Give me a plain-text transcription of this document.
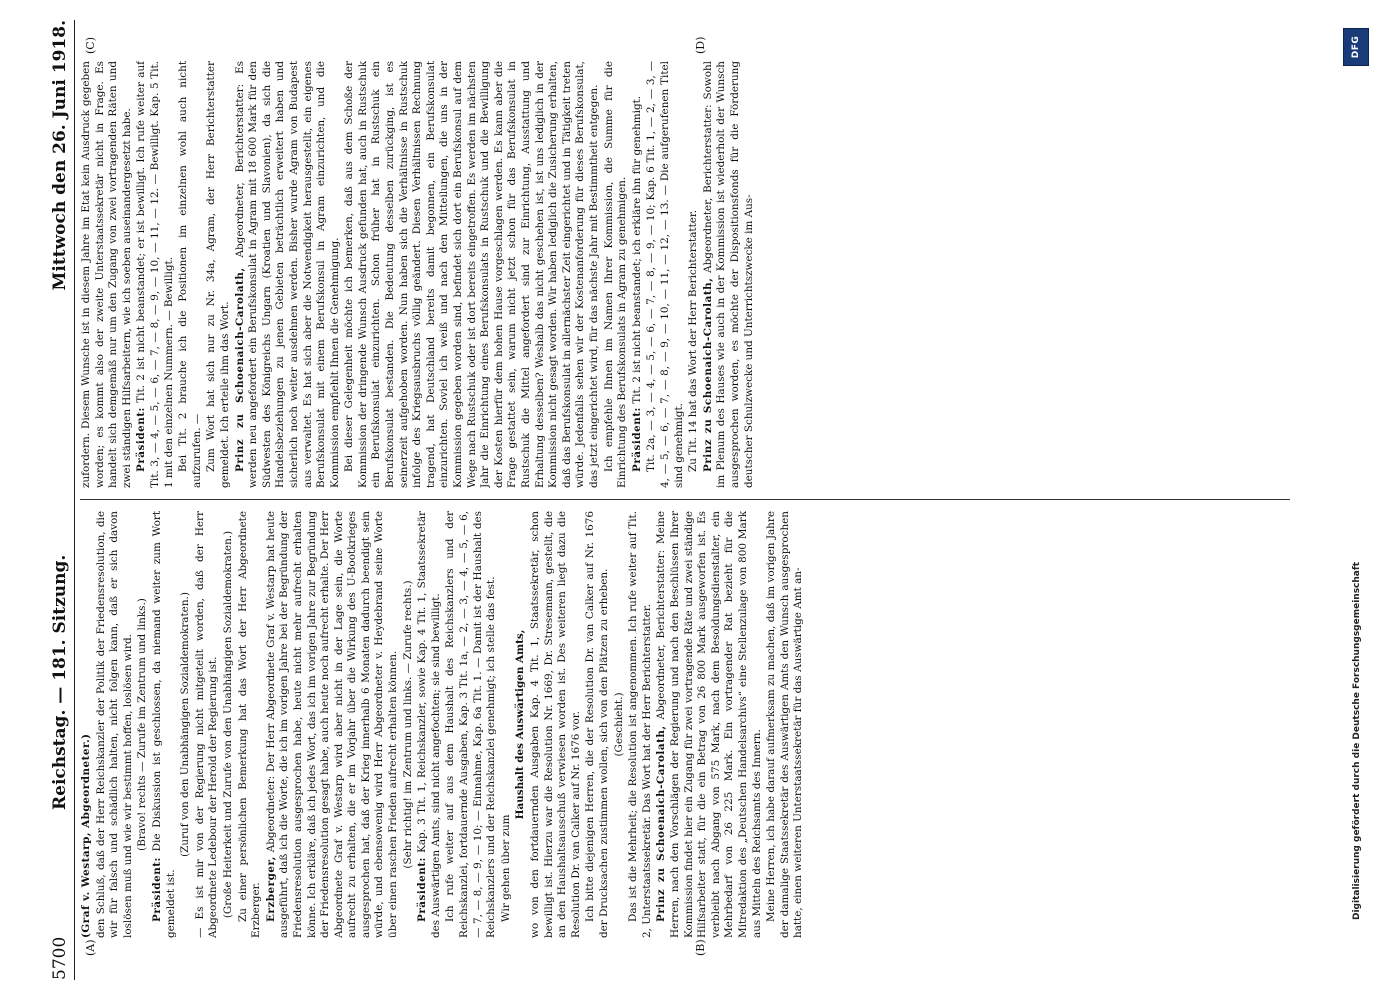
5700
Reichstag. — 181. Sitzung.
Mittwoch den 26. Juni 1918.
(A)	(B)
(C)	(D)

(Graf v. Westarp, Abgeordneter.) den Schluß, daß der Herr Reichskanzler der Politik der Friedensresolution, die wir für falsch und schädlich halten, nicht folgen kann, daß er sich davon loslösen muß und wie wir bestimmt hoffen, loslösen wird. (Bravo! rechts — Zurufe im Zentrum und links.)

Präsident: Die Diskussion ist geschlossen, da niemand weiter zum Wort gemeldet ist.

(Zuruf von den Unabhängigen Sozialdemokraten.) — Es ist mir von der Regierung nicht mitgeteilt worden, daß der Herr Abgeordnete Ledebour der Herold der Regierung ist. (Große Heiterkeit und Zurufe von den Unabhängigen Sozialdemokraten.) Zu einer persönlichen Bemerkung hat das Wort der Herr Abgeordnete Erzberger. Erzberger, Abgeordneter: Der Herr Abgeordnete Graf v. Westarp hat heute ausgeführt, daß ich die Worte, die ich im vorigen Jahre bei der Begründung der Friedensresolution ausgesprochen habe, heute nicht mehr aufrecht erhalten könne. Ich erkläre, daß ich jedes Wort, das ich im vorigen Jahre zur Begründung der Friedensresolution gesagt habe, auch heute noch aufrecht erhalte. Der Herr Abgeordnete Graf v. Westarp wird aber nicht in der Lage sein, die Worte aufrecht zu erhalten, die er im Vorjahr über die Wirkung des U-Bootkrieges ausgesprochen hat, daß der Krieg innerhalb 6 Monaten dadurch beendigt sein würde, und ebensowenig wird Herr Abgeordneter v. Heydebrand seine Worte über einen raschen Frieden aufrecht erhalten können. (Sehr richtig! im Zentrum und links. — Zurufe rechts.)

Präsident: Kap. 3 Tit. 1, Reichskanzler, sowie Kap. 4 Tit. 1, Staatssekretär des Auswärtigen Amts, sind nicht angefochten; sie sind bewilligt. Ich rufe weiter auf aus dem Haushalt des Reichskanzlers und der Reichskanzlei, fortdauernde Ausgaben, Kap. 3 Tit. 1a, — 2, — 3, — 4, — 5, — 6, — 7, — 8, — 9, — 10; — Einnahme, Kap. 6a Tit. 1. — Damit ist der Haushalt des Reichskanzlers und der Reichskanzlei genehmigt; ich stelle das fest. Wir gehen über zum

Haushalt des Auswärtigen Amts, wo von den fortdauernden Ausgaben Kap. 4 Tit. 1, Staatssekretär, schon bewilligt ist. Hierzu war die Resolution Nr. 1669, Dr. Stresemann, gestellt, die an den Haushaltsausschuß verwiesen worden ist. Des weiteren liegt dazu die Resolution Dr. van Calker auf Nr. 1676 vor. Ich bitte diejenigen Herren, die der Resolution Dr. van Calker auf Nr. 1676 der Drucksachen zustimmen wollen, sich von den Plätzen zu erheben. (Geschieht.) Das ist die Mehrheit; die Resolution ist angenommen. Ich rufe weiter auf Tit. 2, Unterstaatssekretär. Das Wort hat der Herr Berichterstatter. Prinz zu Schoenaich-Carolath, Abgeordneter, Berichterstatter: Meine Herren, nach den Vorschlägen der Regierung und nach den Beschlüssen Ihrer Kommission findet hier ein Zugang für zwei vortragende Räte und zwei ständige Hilfsarbeiter statt, für die ein Betrag von 26 800 Mark ausgeworfen ist. Es verbleibt nach Abgang von 575 Mark, nach dem Besoldungsdienstalter, ein Mehrbedarf von 26 225 Mark. Ein vortragender Rat bezieht für die Mitredaktion des „Deutschen Handelsarchivs“ eine Stellenzulage von 800 Mark aus Mitteln des Reichsamts des Innern. Meine Herren, ich habe darauf aufmerksam zu machen, daß im vorigen Jahre der damalige Staatssekretär des Auswärtigen Amts den Wunsch ausgesprochen hatte, einen weiteren Unterstaatssekretär für das Auswärtige Amt an-

zufordern. Diesem Wunsche ist in diesem Jahre im Etat kein Ausdruck gegeben worden; es kommt also der zweite Unterstaatssekretär nicht in Frage. Es handelt sich demgemäß nur um den Zugang von zwei vortragenden Räten und zwei ständigen Hilfsarbeitern, wie ich soeben auseinandergesetzt habe. Präsident: Tit. 2 ist nicht beanstandet; er ist bewilligt. Ich rufe weiter auf Tit. 3, — 4, — 5, — 6, — 7, — 8, — 9, — 10, — 11, — 12. — Bewilligt. Kap. 5 Tit. 1 mit den einzelnen Nummern. — Bewilligt. Bei Tit. 2 brauche ich die Positionen im einzelnen wohl auch nicht aufzurufen. — Zum Wort hat sich nur zu Nr. 34a, Agram, der Herr Berichterstatter gemeldet. Ich erteile ihm das Wort. Prinz zu Schoenaich-Carolath, Abgeordneter, Berichterstatter: Es werden neu angefordert ein Berufskonsulat in Agram mit 18 600 Mark für den Südwesten des Königreichs Ungarn (Kroatien und Slavonien), da sich die Handelsbeziehungen zu jenen Gebieten beträchtlich erweitert haben und sicherlich noch weiter ausdehnen werden. Bisher wurde Agram von Budapest aus verwaltet. Es hat sich aber die Notwendigkeit herausgestellt, ein eigenes Berufskonsulat mit einem Berufskonsul in Agram einzurichten, und die Kommission empfiehlt Ihnen die Genehmigung. Bei dieser Gelegenheit möchte ich bemerken, daß aus dem Schoße der Kommission der dringende Wunsch Ausdruck gefunden hat, auch in Rustschuk ein Berufskonsulat einzurichten. Schon früher hat in Rustschuk ein Berufskonsulat bestanden. Die Bedeutung desselben zurückging, ist es seinerzeit aufgehoben worden. Nun haben sich die Verhältnisse in Rustschuk infolge des Kriegsausbruchs völlig geändert. Diesen Verhältnissen Rechnung tragend, hat Deutschland bereits damit begonnen, ein Berufskonsulat einzurichten. Soviel ich weiß und nach den Mitteilungen, die uns in der Kommission gegeben worden sind, befindet sich dort ein Berufskonsul auf dem Wege nach Rustschuk oder ist dort bereits eingetroffen. Es werden im nächsten Jahr die Einrichtung eines Berufskonsulats in Rustschuk und die Bewilligung der Kosten hierfür dem hohen Hause vorgeschlagen werden. Es kann aber die Frage gestattet sein, warum nicht jetzt schon für das Berufskonsulat in Rustschuk die Mittel angefordert sind zur Einrichtung, Ausstattung und Erhaltung desselben? Weshalb das nicht geschehen ist, ist uns lediglich in der Kommission nicht gesagt worden. Wir haben lediglich die Zusicherung erhalten, daß das Berufskonsulat in allernächster Zeit eingerichtet und in Tätigkeit treten würde. Jedenfalls sehen wir der Kostenanforderung für dieses Berufskonsulat, das jetzt eingerichtet wird, für das nächste Jahr mit Bestimmtheit entgegen. Ich empfehle Ihnen im Namen Ihrer Kommission, die Summe für die Einrichtung des Berufskonsulats in Agram zu genehmigen. Präsident: Tit. 2 ist nicht beanstandet; ich erkläre ihn für genehmigt. Tit. 2a, — 3, — 4, — 5, — 6, — 7, — 8, — 9, — 10; Kap. 6 Tit. 1, — 2, — 3, — 4, — 5, — 6, — 7, — 8, — 9, — 10, — 11, — 12, — 13. — Die aufgerufenen Titel sind genehmigt. Zu Tit. 14 hat das Wort der Herr Berichterstatter. Prinz zu Schoenaich-Carolath, Abgeordneter, Berichterstatter: Sowohl im Plenum des Hauses wie auch in der Kommission ist wiederholt der Wunsch ausgesprochen worden, es möchte der Dispositionsfonds für die Förderung deutscher Schulzwecke und Unterrichtszwecke im Aus-

Digitalisierung gefördert durch die Deutsche Forschungsgemeinschaft
DFG
